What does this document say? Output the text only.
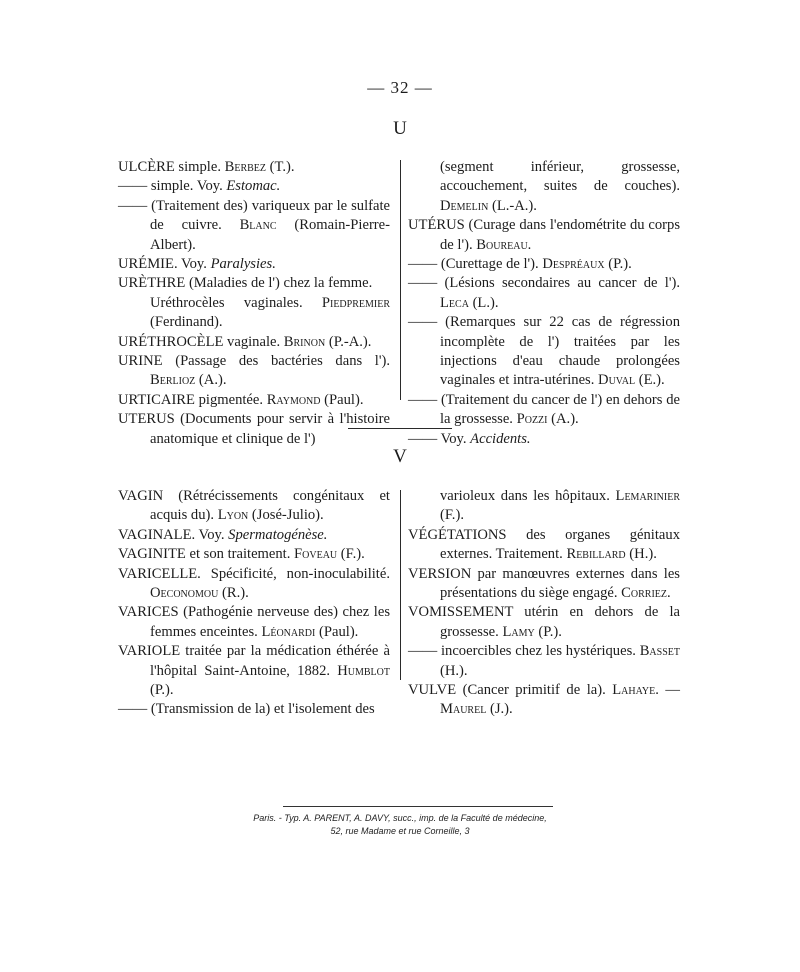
— 32 —
U
ULCÈRE simple. Berbez (T.).
—— simple. Voy. Estomac.
—— (Traitement des) variqueux par le sulfate de cuivre. Blanc (Romain-Pierre-Albert).
URÉMIE. Voy. Paralysies.
URÈTHRE (Maladies de l') chez la femme.
Uréthrocèles vaginales. Piedpremier (Ferdinand).
URÉTHROCÈLE vaginale. Brinon (P.-A.).
URINE (Passage des bactéries dans l'). Berlioz (A.).
URTICAIRE pigmentée. Raymond (Paul).
UTERUS (Documents pour servir à l'histoire anatomique et clinique de l')
(segment inférieur, grossesse, accouchement, suites de couches). Demelin (L.-A.).
UTÉRUS (Curage dans l'endométrite du corps de l'). Boureau.
—— (Curettage de l'). Despréaux (P.).
—— (Lésions secondaires au cancer de l'). Leca (L.).
—— (Remarques sur 22 cas de régression incomplète de l') traitées par les injections d'eau chaude prolongées vaginales et intra-utérines. Duval (E.).
—— (Traitement du cancer de l') en dehors de la grossesse. Pozzi (A.).
—— Voy. Accidents.
V
VAGIN (Rétrécissements congénitaux et acquis du). Lyon (José-Julio).
VAGINALE. Voy. Spermatogénèse.
VAGINITE et son traitement. Foveau (F.).
VARICELLE. Spécificité, non-inoculabilité. Oeconomou (R.).
VARICES (Pathogénie nerveuse des) chez les femmes enceintes. Léonardi (Paul).
VARIOLE traitée par la médication éthérée à l'hôpital Saint-Antoine, 1882. Humblot (P.).
—— (Transmission de la) et l'isolement des
varioleux dans les hôpitaux. Lemarinier (F.).
VÉGÉTATIONS des organes génitaux externes. Traitement. Rebillard (H.).
VERSION par manœuvres externes dans les présentations du siège engagé. Corriez.
VOMISSEMENT utérin en dehors de la grossesse. Lamy (P.).
—— incoercibles chez les hystériques. Basset (H.).
VULVE (Cancer primitif de la). Lahaye. — Maurel (J.).
Paris. - Typ. A. PARENT, A. DAVY, succ., imp. de la Faculté de médecine,
52, rue Madame et rue Corneille, 3
